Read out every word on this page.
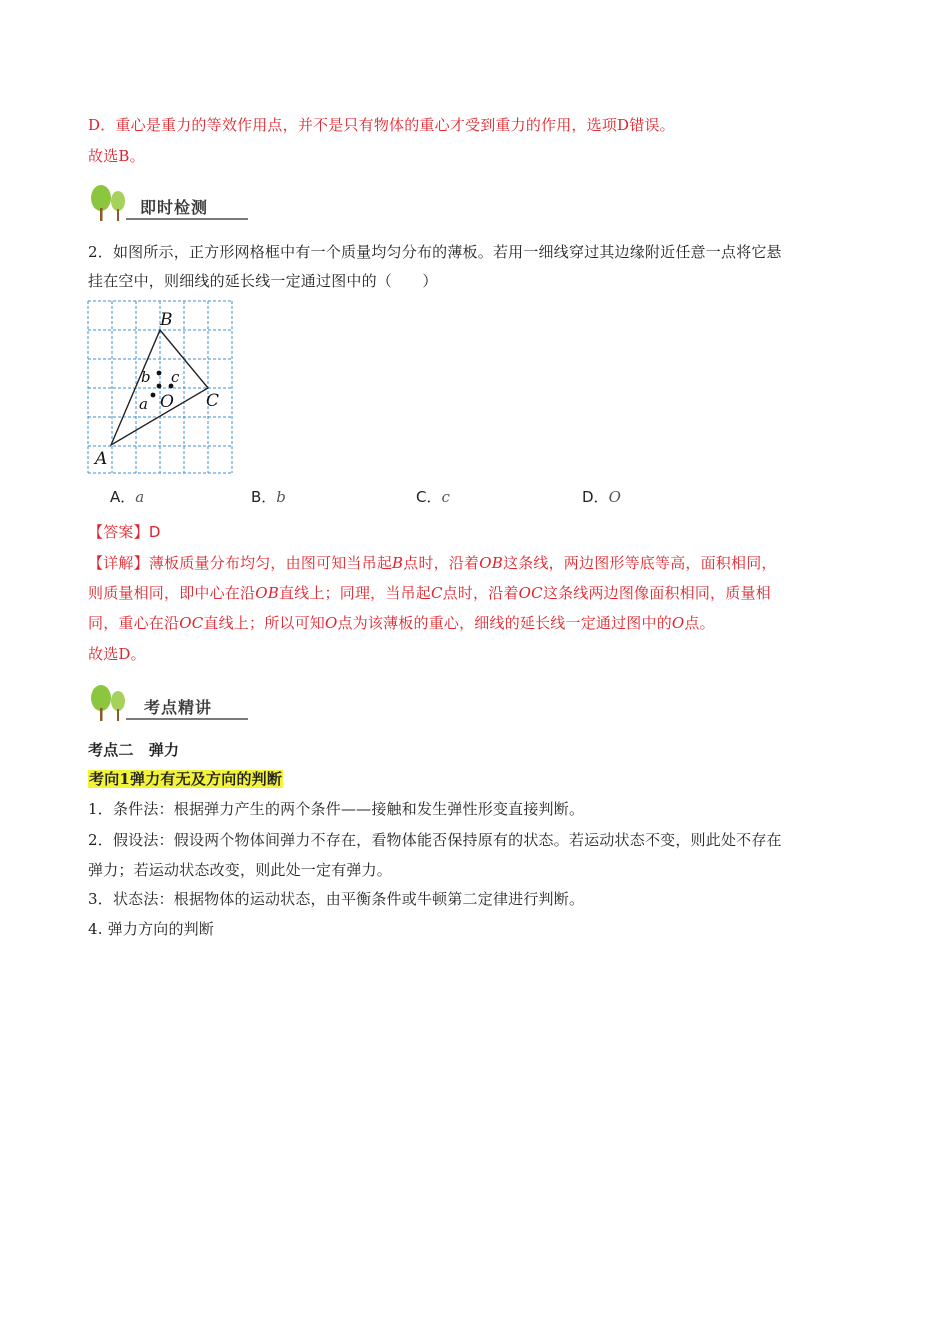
D．重心是重力的等效作用点，并不是只有物体的重心才受到重力的作用，选项D错误。
故选B。
即时检测
2．如图所示，正方形网格框中有一个质量均匀分布的薄板。若用一细线穿过其边缘附近任意一点将它悬
挂在空中，则细线的延长线一定通过图中的（　　）
B
C
A
O
b c
a
A．a	B．b	C．c	D．O
【答案】D
【详解】薄板质量分布均匀，由图可知当吊起B点时，沿着OB这条线，两边图形等底等高，面积相同，
则质量相同，即中心在沿OB直线上；同理，当吊起C点时，沿着OC这条线两边图像面积相同，质量相
同，重心在沿OC直线上；所以可知O点为该薄板的重心，细线的延长线一定通过图中的O点。
故选D。
考点精讲
考点二　弹力
考向1弹力有无及方向的判断
1．条件法：根据弹力产生的两个条件——接触和发生弹性形变直接判断。
2．假设法：假设两个物体间弹力不存在，看物体能否保持原有的状态。若运动状态不变，则此处不存在
弹力；若运动状态改变，则此处一定有弹力。
3．状态法：根据物体的运动状态，由平衡条件或牛顿第二定律进行判断。
4. 弹力方向的判断
